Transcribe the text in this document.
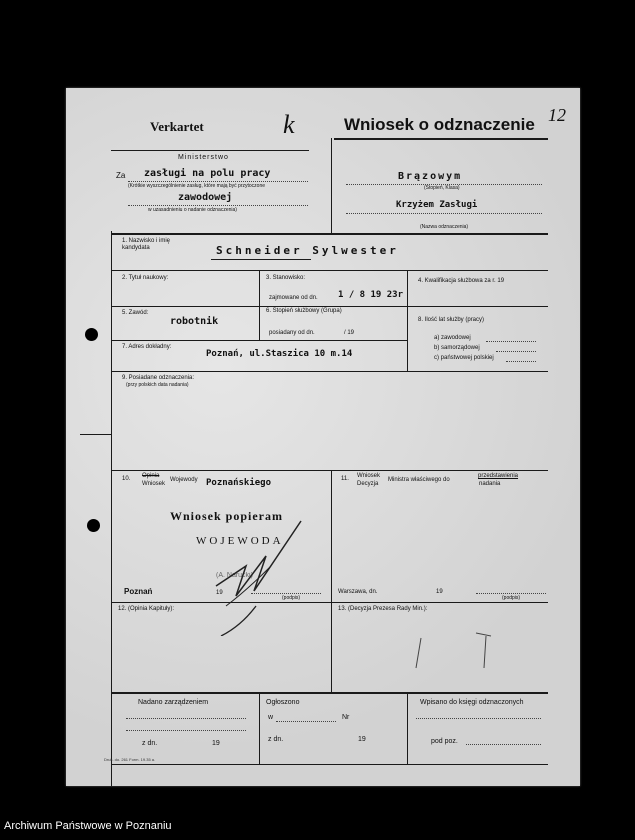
Verkartet	k
Ministerstwo
Za zasługi na polu pracy
(Krótkie wyszczególnienie zasług, które mają być przytoczone
zawodowej
w uzasadnieniu o nadanie odznaczenia)
Wniosek o odznaczenie 12
Brązowym
(Stopień, Klasa)
Krzyżem Zasługi
(Nazwa odznaczenia)
1. Nazwisko i imię kandydata	Schneider Sylwester
2. Tytuł naukowy:	3. Stanowisko:
zajmowane od dn. 1 / 8 19 23r
4. Kwalifikacja służbowa za r. 19
5. Zawód:
robotnik
6. Stopień służbowy (Grupa)
posiadany od dn.	/ 19
8. Ilość lat służby (pracy)
a) zawodowej
b) samorządowej
c) państwowej polskiej
7. Adres dokładny:
Poznań, ul.Staszica 10 m.14
9. Posiadane odznaczenia:
(przy polskich data nadania)
10. Opinia
Wniosek
Wojewody Poznańskiego
Wniosek popieram
WOJEWODA
(A. Narucki)
Poznań	19
(podpis)
11. Wniosek
Decyzja
Ministra właściwego do
przedstawienia
nadania
Warszawa, dn.	19
(podpis)
12. (Opinia Kapituły):	13. (Decyzja Prezesa Rady Min.):
Nadano zarządzeniem
z dn.	19
Ogłoszono
w	Nr
z dn.	19
Wpisano do księgi odznaczonych
pod poz.
Druk. do. 261 Form. 19.35 a.
Archiwum Państwowe w Poznaniu
